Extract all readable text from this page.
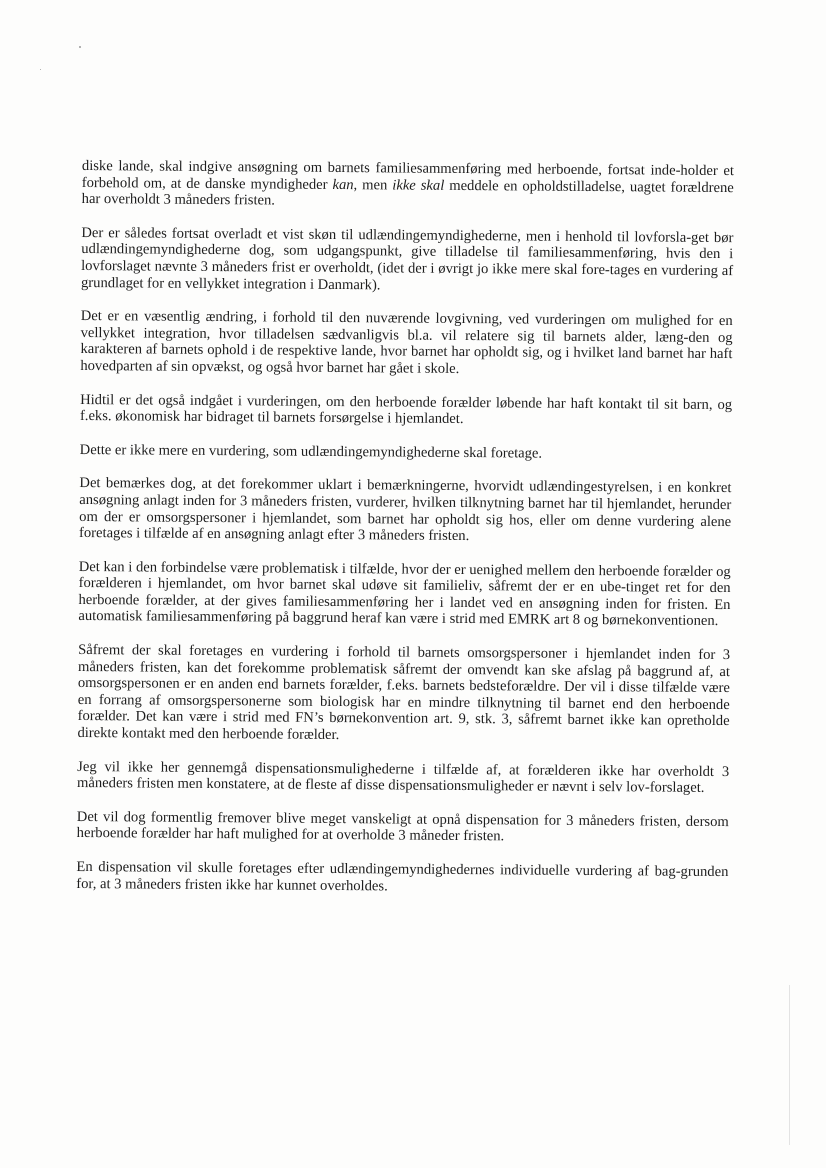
diske lande, skal indgive ansøgning om barnets familiesammenføring med herboende, fortsat inde-holder et forbehold om, at de danske myndigheder kan, men ikke skal meddele en opholdstilladelse, uagtet forældrene har overholdt 3 måneders fristen.

Der er således fortsat overladt et vist skøn til udlændingemyndighederne, men i henhold til lovforsla-get bør udlændingemyndighederne dog, som udgangspunkt, give tilladelse til familiesammenføring, hvis den i lovforslaget nævnte 3 måneders frist er overholdt, (idet der i øvrigt jo ikke mere skal fore-tages en vurdering af grundlaget for en vellykket integration i Danmark).

Det er en væsentlig ændring, i forhold til den nuværende lovgivning, ved vurderingen om mulighed for en vellykket integration, hvor tilladelsen sædvanligvis bl.a. vil relatere sig til barnets alder, læng-den og karakteren af barnets ophold i de respektive lande, hvor barnet har opholdt sig, og i hvilket land barnet har haft hovedparten af sin opvækst, og også hvor barnet har gået i skole.

Hidtil er det også indgået i vurderingen, om den herboende forælder løbende har haft kontakt til sit barn, og f.eks. økonomisk har bidraget til barnets forsørgelse i hjemlandet.

Dette er ikke mere en vurdering, som udlændingemyndighederne skal foretage.

Det bemærkes dog, at det forekommer uklart i bemærkningerne, hvorvidt udlændingestyrelsen, i en konkret ansøgning anlagt inden for 3 måneders fristen, vurderer, hvilken tilknytning barnet har til hjemlandet, herunder om der er omsorgspersoner i hjemlandet, som barnet har opholdt sig hos, eller om denne vurdering alene foretages i tilfælde af en ansøgning anlagt efter 3 måneders fristen.

Det kan i den forbindelse være problematisk i tilfælde, hvor der er uenighed mellem den herboende forælder og forælderen i hjemlandet, om hvor barnet skal udøve sit familieliv, såfremt der er en ube-tinget ret for den herboende forælder, at der gives familiesammenføring her i landet ved en ansøgning inden for fristen. En automatisk familiesammenføring på baggrund heraf kan være i strid med EMRK art 8 og børnekonventionen.

Såfremt der skal foretages en vurdering i forhold til barnets omsorgspersoner i hjemlandet inden for 3 måneders fristen, kan det forekomme problematisk såfremt der omvendt kan ske afslag på baggrund af, at omsorgspersonen er en anden end barnets forælder, f.eks. barnets bedsteforældre. Der vil i disse tilfælde være en forrang af omsorgspersonerne som biologisk har en mindre tilknytning til barnet end den herboende forælder. Det kan være i strid med FN’s børnekonvention art. 9, stk. 3, såfremt barnet ikke kan opretholde direkte kontakt med den herboende forælder.

Jeg vil ikke her gennemgå dispensationsmulighederne i tilfælde af, at forælderen ikke har overholdt 3 måneders fristen men konstatere, at de fleste af disse dispensationsmuligheder er nævnt i selv lov-forslaget.

Det vil dog formentlig fremover blive meget vanskeligt at opnå dispensation for 3 måneders fristen, dersom herboende forælder har haft mulighed for at overholde 3 måneder fristen.

En dispensation vil skulle foretages efter udlændingemyndighedernes individuelle vurdering af bag-grunden for, at 3 måneders fristen ikke har kunnet overholdes.
